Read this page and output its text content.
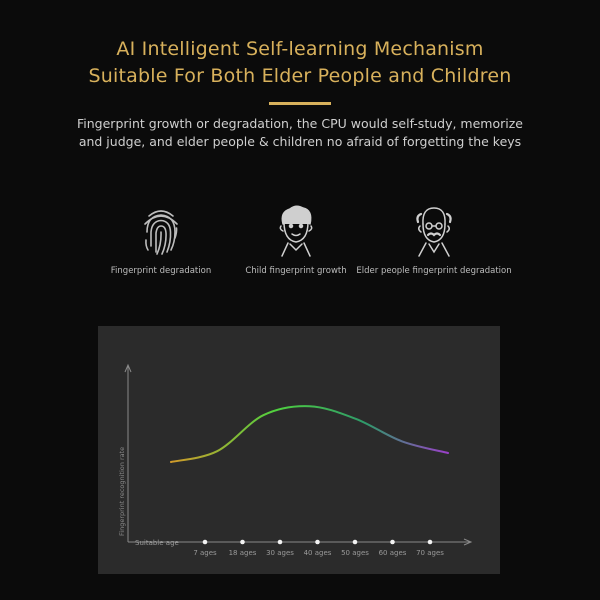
AI Intelligent Self-learning Mechanism
Suitable For Both Elder People and Children
Fingerprint growth or degradation, the CPU would self-study, memorize
and judge, and elder people & children no afraid of forgetting the keys
Fingerprint degradation	Child fingerprint growth	Elder people fingerprint degradation
Fingerprint recognition rate
Suitable age
7 ages 18 ages 30 ages 40 ages 50 ages 60 ages 70 ages
